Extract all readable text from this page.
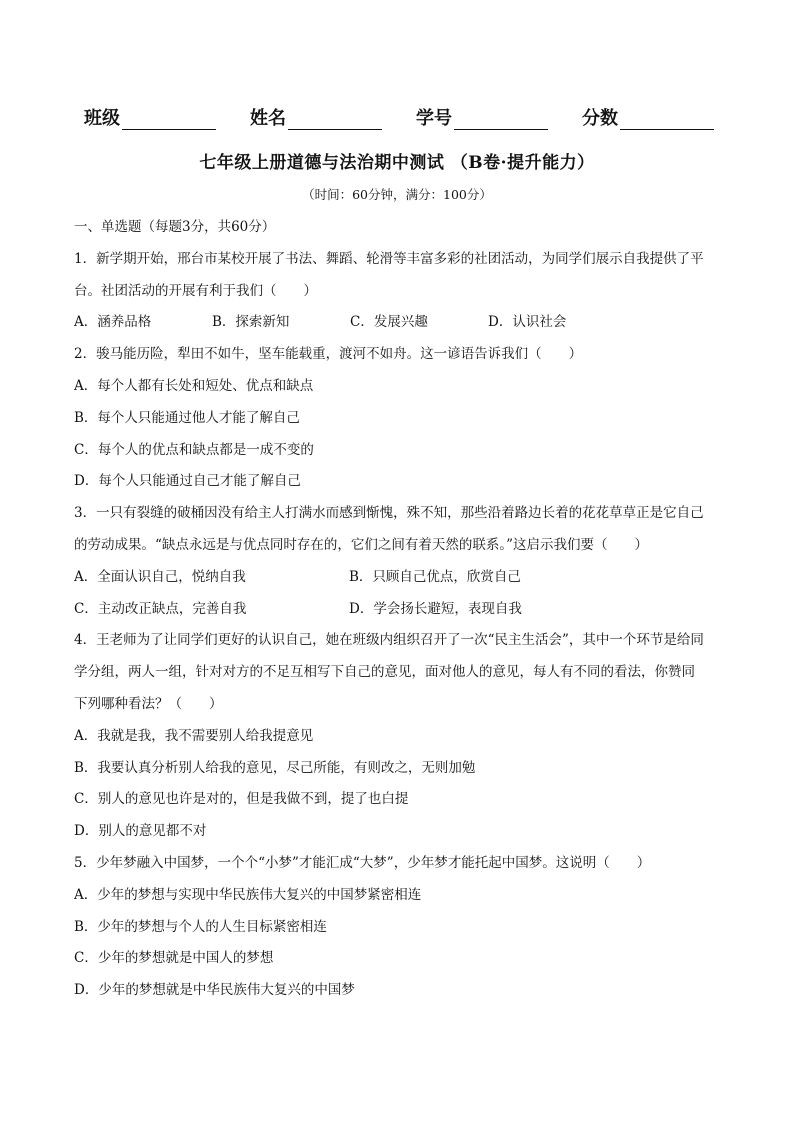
班级	姓名	学号	分数
七年级上册道德与法治期中测试 （B卷·提升能力）
（时间：60分钟，满分：100分）
一、单选题（每题3分，共60分）
1．新学期开始，邢台市某校开展了书法、舞蹈、轮滑等丰富多彩的社团活动，为同学们展示自我提供了平
台。社团活动的开展有利于我们（　　）
A．涵养品格	B．探索新知	C．发展兴趣	D．认识社会
2．骏马能历险，犁田不如牛，坚车能载重，渡河不如舟。这一谚语告诉我们（　　）
A．每个人都有长处和短处、优点和缺点
B．每个人只能通过他人才能了解自己
C．每个人的优点和缺点都是一成不变的
D．每个人只能通过自己才能了解自己
3．一只有裂缝的破桶因没有给主人打满水而感到惭愧，殊不知，那些沿着路边长着的花花草草正是它自己
的劳动成果。“缺点永远是与优点同时存在的，它们之间有着天然的联系。”这启示我们要（　　）
A．全面认识自己，悦纳自我	B．只顾自己优点，欣赏自己
C．主动改正缺点，完善自我	D．学会扬长避短，表现自我
4．王老师为了让同学们更好的认识自己，她在班级内组织召开了一次“民主生活会”，其中一个环节是给同
学分组，两人一组，针对对方的不足互相写下自己的意见，面对他人的意见，每人有不同的看法，你赞同
下列哪种看法？（　　）
A．我就是我，我不需要别人给我提意见
B．我要认真分析别人给我的意见，尽己所能，有则改之，无则加勉
C．别人的意见也许是对的，但是我做不到，提了也白提
D．别人的意见都不对
5．少年梦融入中国梦，一个个“小梦”才能汇成“大梦”，少年梦才能托起中国梦。这说明（　　）
A．少年的梦想与实现中华民族伟大复兴的中国梦紧密相连
B．少年的梦想与个人的人生目标紧密相连
C．少年的梦想就是中国人的梦想
D．少年的梦想就是中华民族伟大复兴的中国梦
